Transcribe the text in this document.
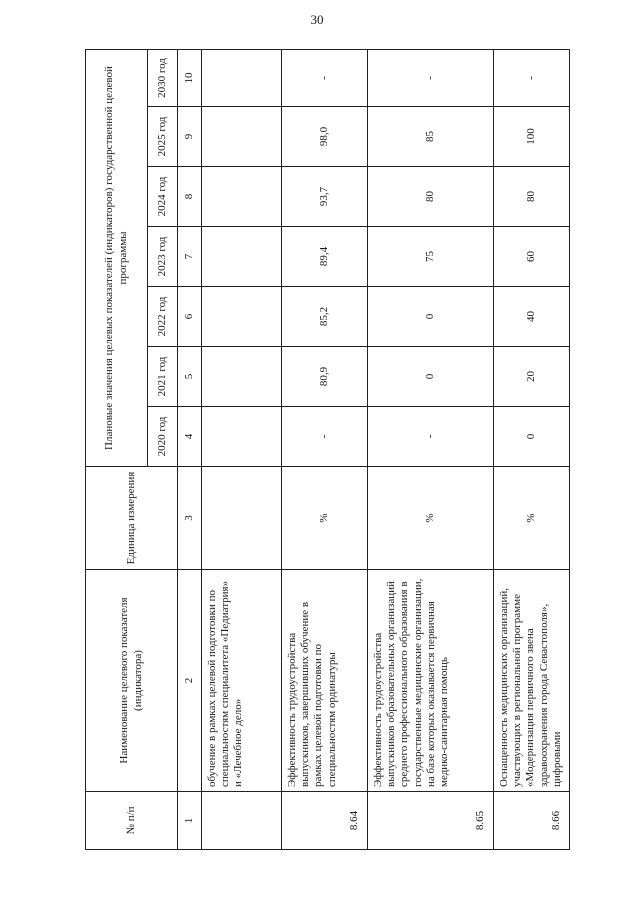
30
№ п/п	Наименование целевого показателя (индикатора)	Единица измерения	Плановые значения целевых показателей (индикаторов) государственной целевой программы						
			2020 год	2021 год	2022 год	2023 год	2024 год	2025 год	2030 год
1	2	3	4	5	6	7	8	9	10
	обучение в рамках целевой подготовки по специальностям специалитета «Педиатрия» и «Лечебное дело»								
8.64	Эффективность трудоустройства выпускников, завершивших обучение в рамках целевой подготовки по специальностям ординатуры	%	-	80,9	85,2	89,4	93,7	98,0	-
8.65	Эффективность трудоустройства выпускников образовательных организаций среднего профессионального образования в государственные медицинские организации, на базе которых оказывается первичная медико-санитарная помощь	%	-	0	0	75	80	85	-
8.66	Оснащенность медицинских организаций, участвующих в региональной программе «Модернизация первичного звена здравоохранения города Севастополя», цифровыми	%	0	20	40	60	80	100	-
